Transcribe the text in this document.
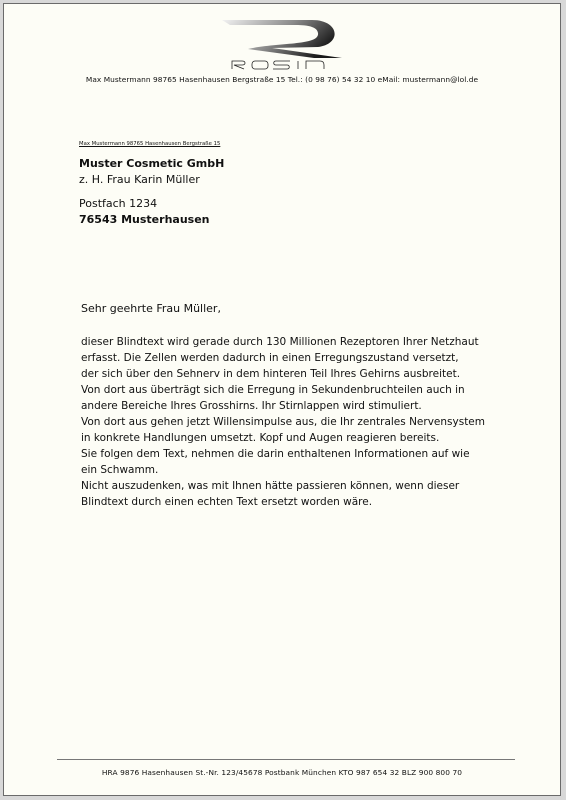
Max Mustermann 98765 Hasenhausen Bergstraße 15 Tel.: (0 98 76) 54 32 10 eMail: mustermann@lol.de
Max Mustermann 98765 Hasenhausen Bergstraße 15
Muster Cosmetic GmbH
z. H. Frau Karin Müller
Postfach 1234
76543 Musterhausen
Sehr geehrte Frau Müller,
dieser Blindtext wird gerade durch 130 Millionen Rezeptoren Ihrer Netzhaut
erfasst. Die Zellen werden dadurch in einen Erregungszustand versetzt,
der sich über den Sehnerv in dem hinteren Teil Ihres Gehirns ausbreitet.
Von dort aus überträgt sich die Erregung in Sekundenbruchteilen auch in
andere Bereiche Ihres Grosshirns. Ihr Stirnlappen wird stimuliert.
Von dort aus gehen jetzt Willensimpulse aus, die Ihr zentrales Nervensystem
in konkrete Handlungen umsetzt. Kopf und Augen reagieren bereits.
Sie folgen dem Text, nehmen die darin enthaltenen Informationen auf wie
ein Schwamm.
Nicht auszudenken, was mit Ihnen hätte passieren können, wenn dieser
Blindtext durch einen echten Text ersetzt worden wäre.
HRA 9876 Hasenhausen St.-Nr. 123/45678 Postbank München KTO 987 654 32 BLZ 900 800 70
